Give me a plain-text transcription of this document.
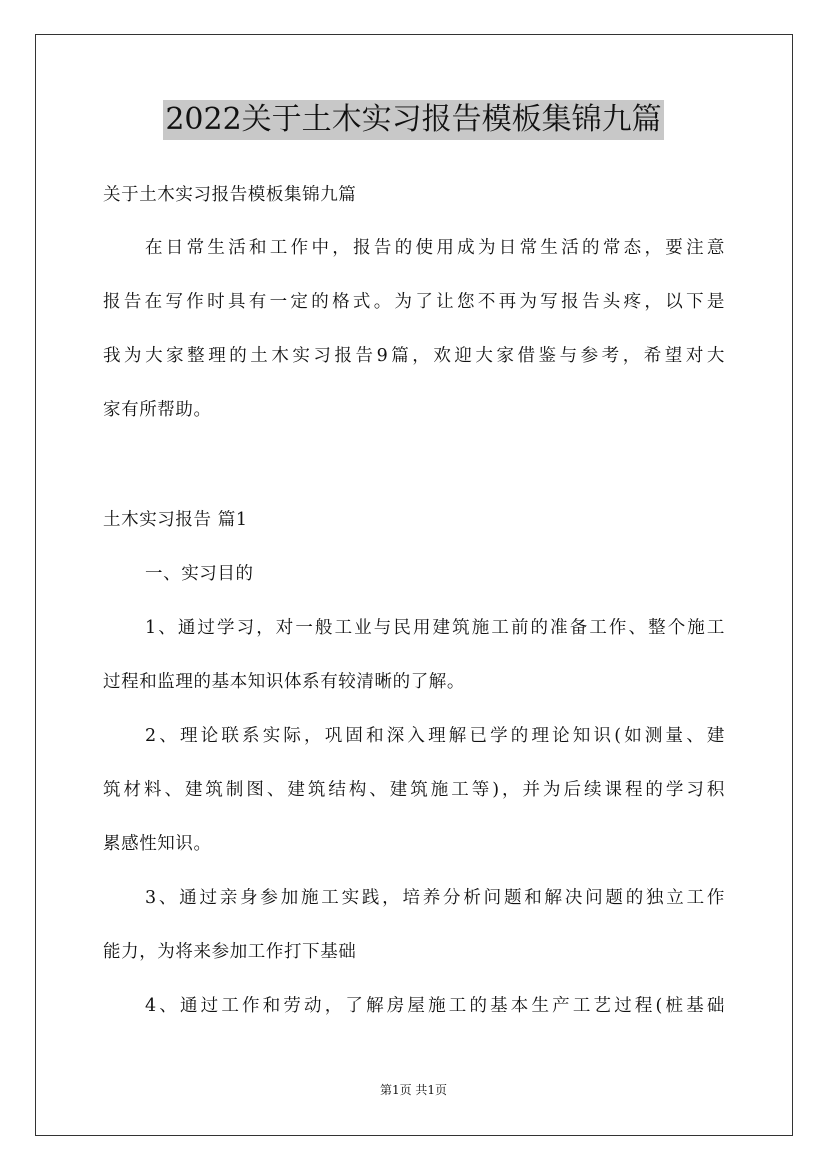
2022关于土木实习报告模板集锦九篇
关于土木实习报告模板集锦九篇
在日常生活和工作中，报告的使用成为日常生活的常态，要注意
报告在写作时具有一定的格式。为了让您不再为写报告头疼，以下是
我为大家整理的土木实习报告9篇，欢迎大家借鉴与参考，希望对大
家有所帮助。
土木实习报告 篇1
一、实习目的
1、通过学习，对一般工业与民用建筑施工前的准备工作、整个施工
过程和监理的基本知识体系有较清晰的了解。
2、理论联系实际，巩固和深入理解已学的理论知识(如测量、建
筑材料、建筑制图、建筑结构、建筑施工等)，并为后续课程的学习积
累感性知识。
3、通过亲身参加施工实践，培养分析问题和解决问题的独立工作
能力，为将来参加工作打下基础
4、通过工作和劳动，了解房屋施工的基本生产工艺过程(桩基础
第1页 共1页
